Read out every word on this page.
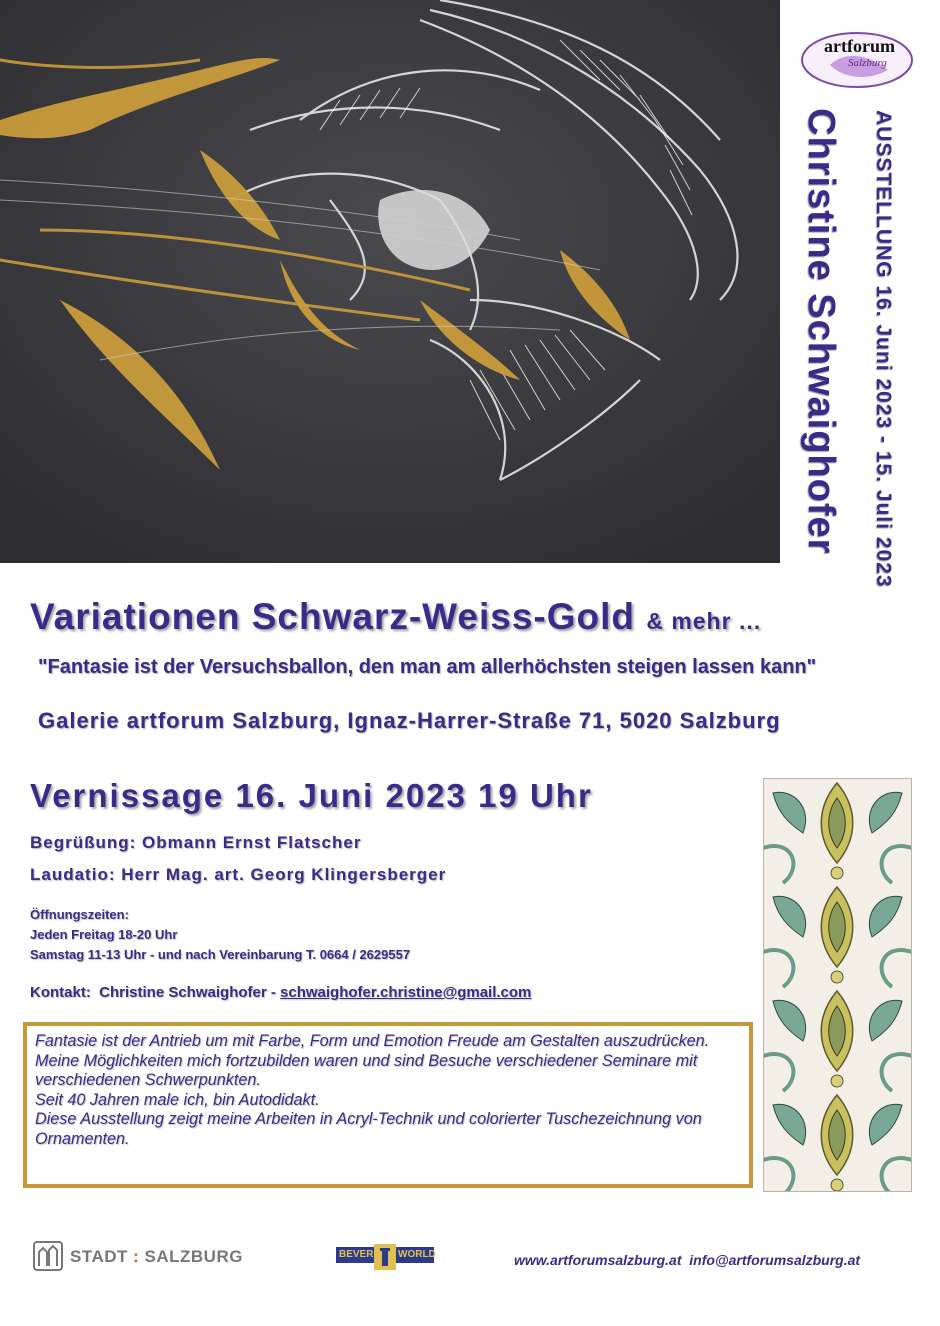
artforum
Salzburg
Christine Schwaighofer AUSSTELLUNG 16. Juni 2023 - 15. Juli 2023
Variationen Schwarz-Weiss-Gold & mehr ...
"Fantasie ist der Versuchsballon, den man am allerhöchsten steigen lassen kann"
Galerie artforum Salzburg, Ignaz-Harrer-Straße 71, 5020 Salzburg
Vernissage 16. Juni 2023 19 Uhr
Begrüßung: Obmann Ernst Flatscher
Laudatio: Herr Mag. art. Georg Klingersberger
Öffnungszeiten:
Jeden Freitag 18-20 Uhr
Samstag 11-13 Uhr - und nach Vereinbarung T. 0664 / 2629557
Kontakt:  Christine Schwaighofer - schwaighofer.christine@gmail.com

Fantasie ist der Antrieb um mit Farbe, Form und Emotion Freude am Gestalten auszudrücken.

Meine Möglichkeiten mich fortzubilden waren und sind Besuche verschiedener Seminare mit verschiedenen Schwerpunkten.

Seit 40 Jahren male ich, bin Autodidakt.

Diese Ausstellung zeigt meine Arbeiten in Acryl-Technik und colorierter Tuschezeichnung von Ornamenten.

STADT : SALZBURG	BEVER WORLD	www.artforumsalzburg.at info@artforumsalzburg.at
